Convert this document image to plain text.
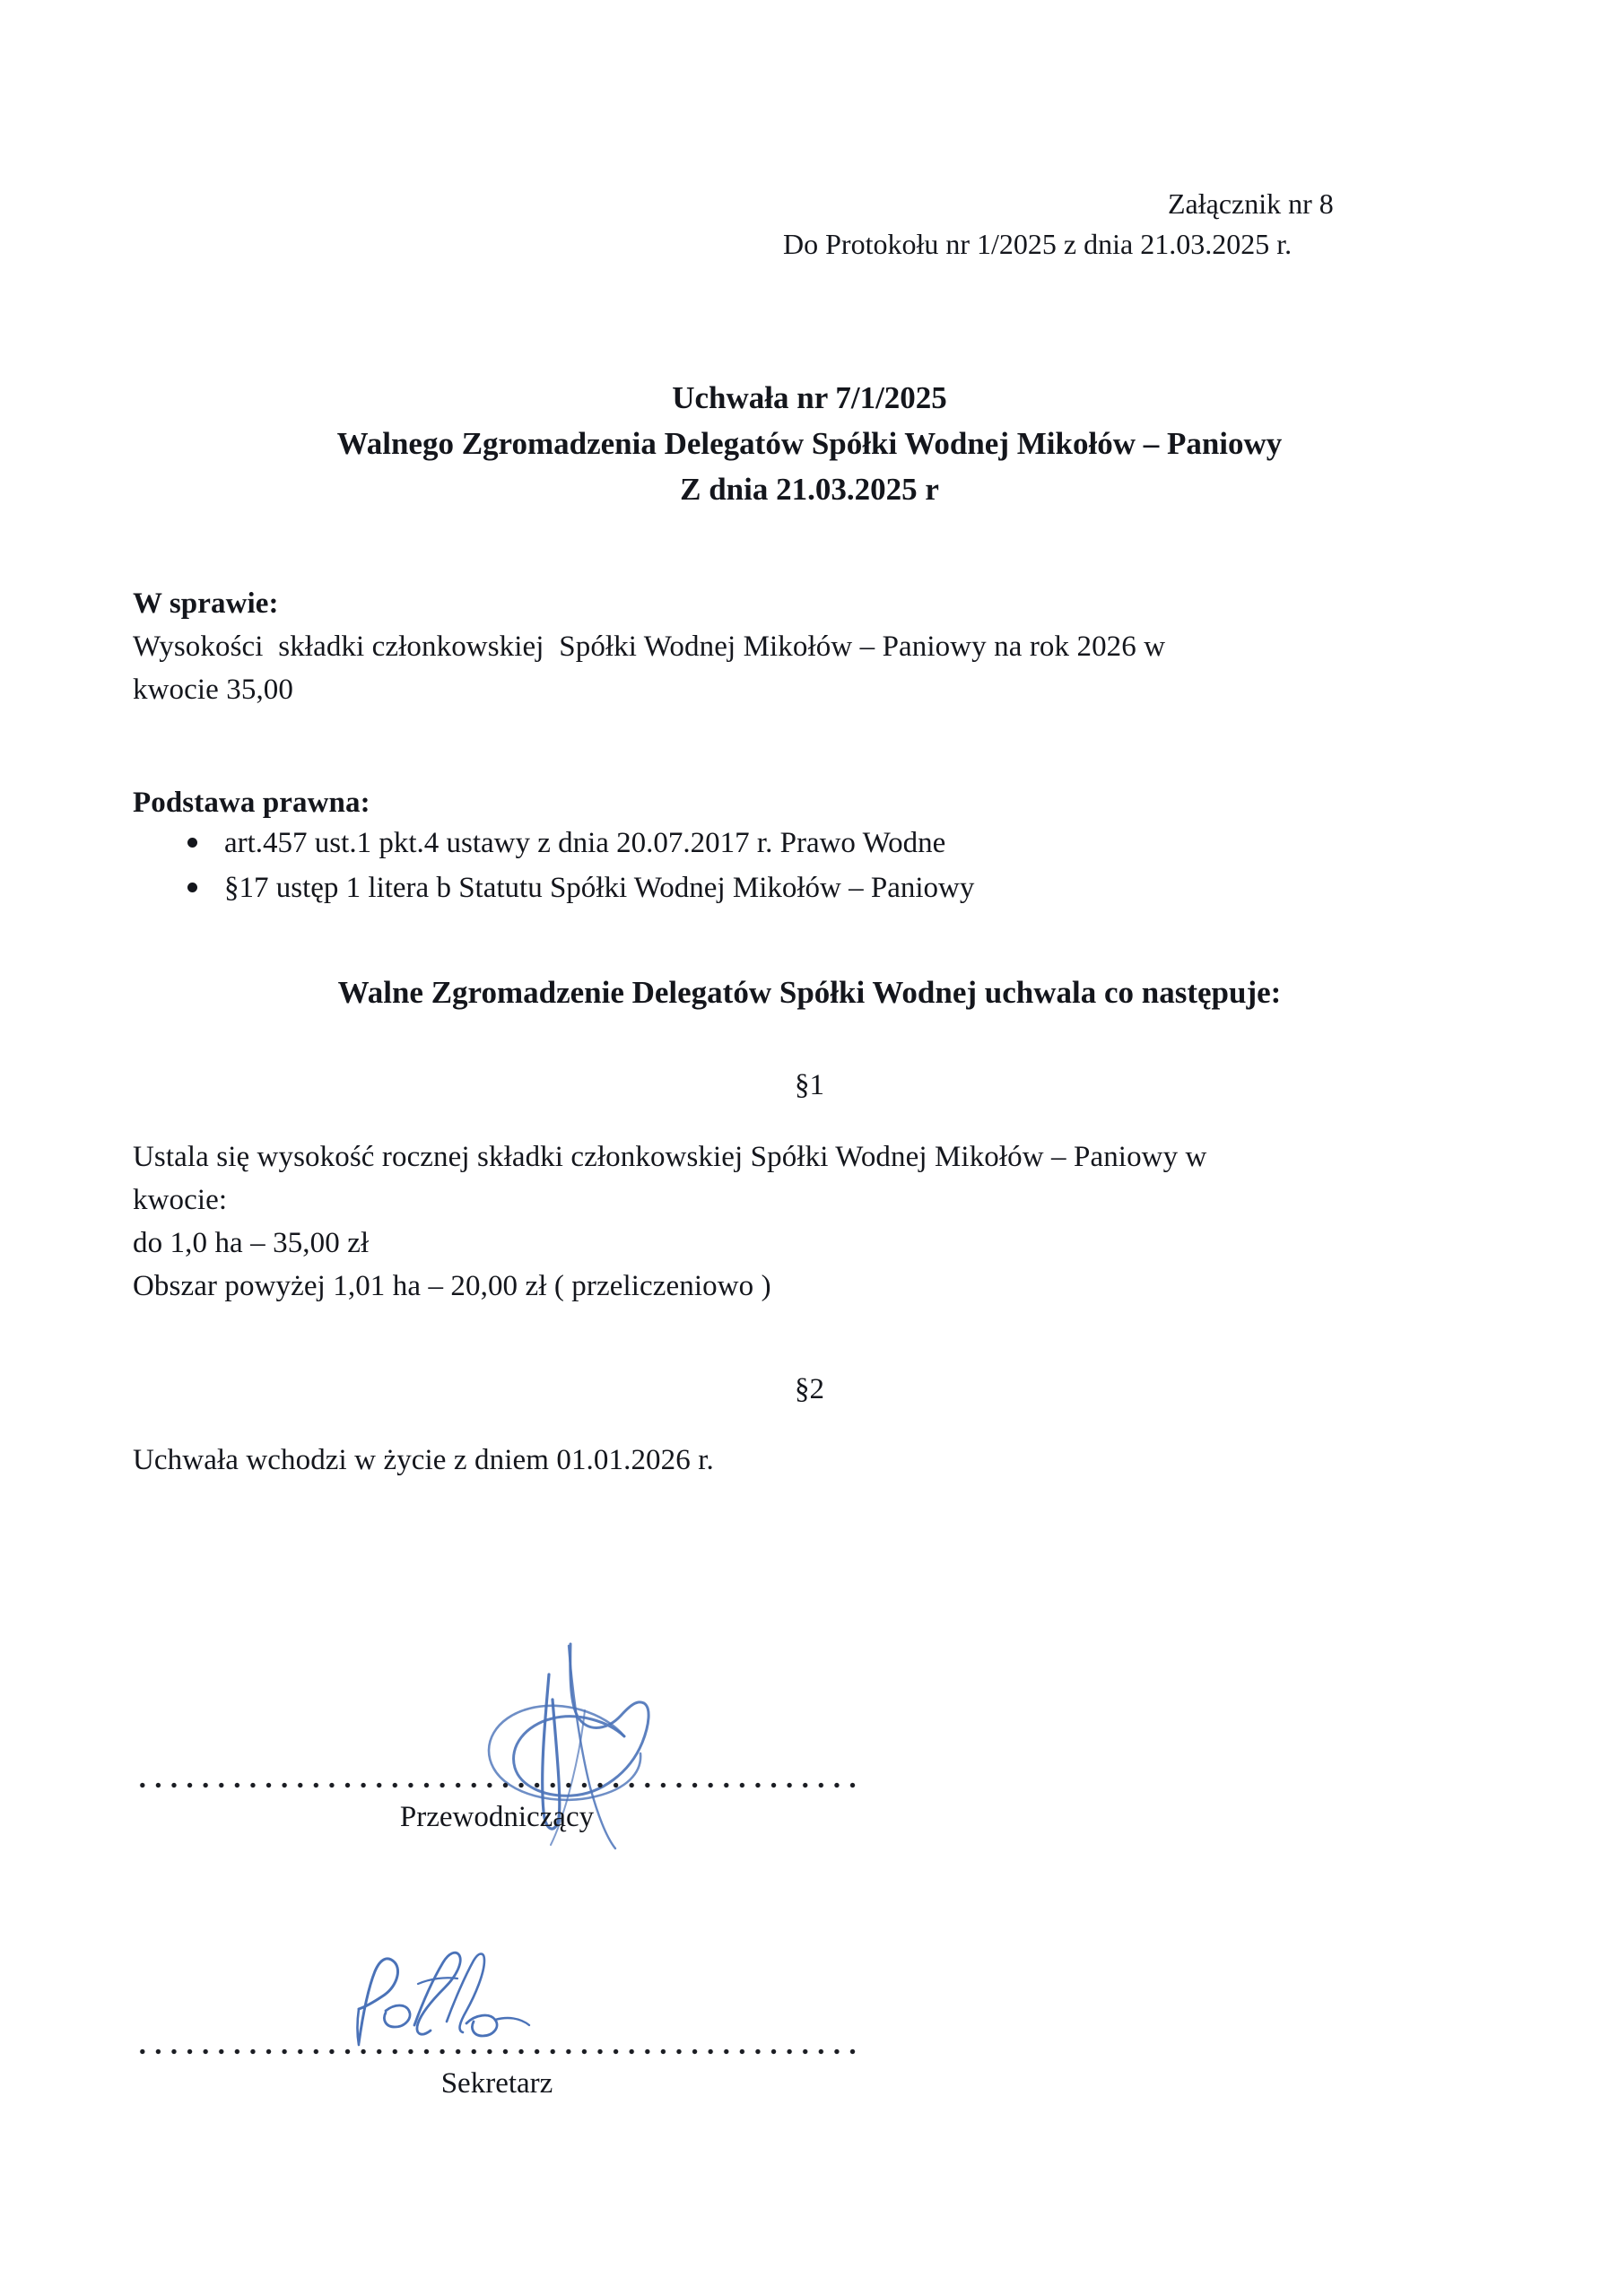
Załącznik nr 8
Do Protokołu nr 1/2025 z dnia 21.03.2025 r.
Uchwała nr 7/1/2025
Walnego Zgromadzenia Delegatów Spółki Wodnej Mikołów – Paniowy
Z dnia 21.03.2025 r
W sprawie:
Wysokości  składki członkowskiej  Spółki Wodnej Mikołów – Paniowy na rok 2026 w
kwocie 35,00
Podstawa prawna:
art.457 ust.1 pkt.4 ustawy z dnia 20.07.2017 r. Prawo Wodne
§17 ustęp 1 litera b Statutu Spółki Wodnej Mikołów – Paniowy
Walne Zgromadzenie Delegatów Spółki Wodnej uchwala co następuje:
§1
Ustala się wysokość rocznej składki członkowskiej Spółki Wodnej Mikołów – Paniowy w
kwocie:
do 1,0 ha – 35,00 zł
Obszar powyżej 1,01 ha – 20,00 zł ( przeliczeniowo )
§2
Uchwała wchodzi w życie z dniem 01.01.2026 r.
Przewodniczący
Sekretarz
